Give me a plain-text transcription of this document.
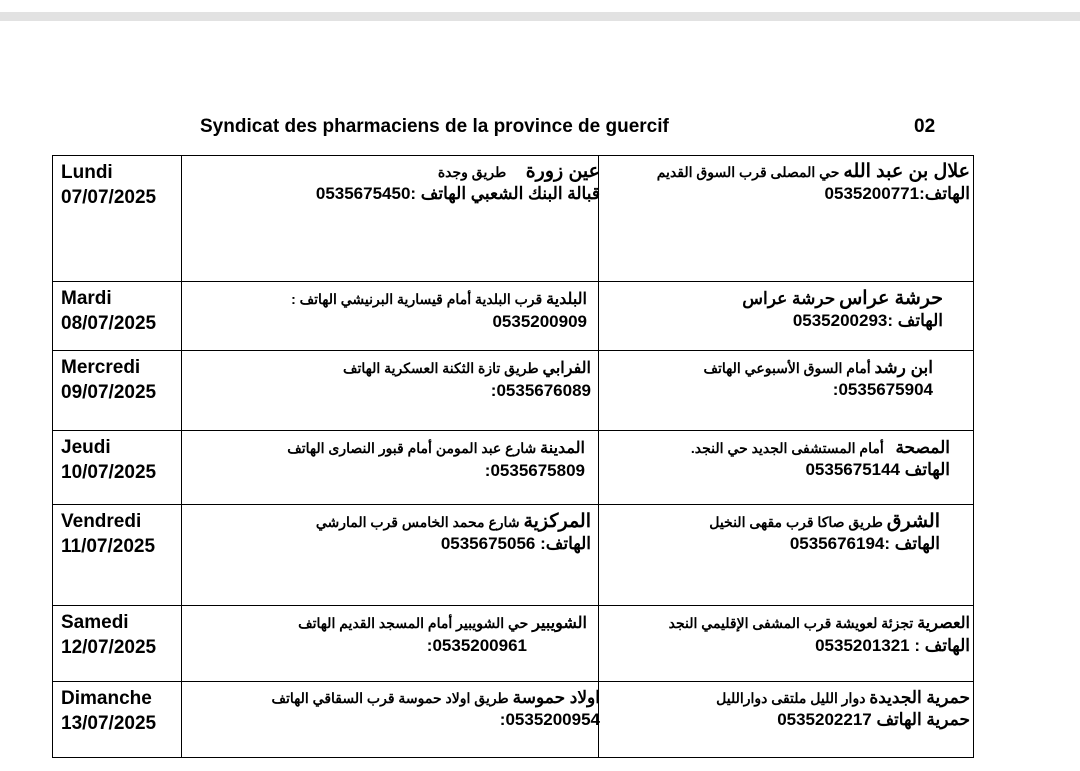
Syndicat des pharmaciens de la province de guercif	02
Lundi
07/07/2025
عين زورة     طريق وجدة
قبالة البنك الشعبي الهاتف :0535675450
علال بن عبد الله حي المصلى قرب السوق القديم
الهاتف:0535200771
Mardi
08/07/2025
البلدية قرب البلدية أمام قيسارية البرنيشي الهاتف :
0535200909
حرشة عراس حرشة عراس
الهاتف :0535200293
Mercredi
09/07/2025
الفرابي طريق تازة الثكنة العسكرية الهاتف
0535676089:
ابن رشد أمام السوق الأسبوعي الهاتف
0535675904:
Jeudi
10/07/2025
المدينة شارع عبد المومن أمام قبور النصارى الهاتف
0535675809:
المصحة   أمام المستشفى الجديد حي النجد.
الهاتف 0535675144
Vendredi
11/07/2025
المركزية شارع محمد الخامس قرب المارشي
الهاتف: 0535675056
الشرق طريق صاكا قرب مقهى النخيل
الهاتف :0535676194
Samedi
12/07/2025
الشويبير حي الشويبير أمام المسجد القديم الهاتف
0535200961:
العصرية تجزئة لعويشة قرب المشفى الإقليمي النجد
الهاتف : 0535201321
Dimanche
13/07/2025
اولاد حموسة طريق اولاد حموسة قرب السقاقي الهاتف
0535200954:
حمرية الجديدة دوار الليل ملتقى دوارالليل
حمرية الهاتف 0535202217
